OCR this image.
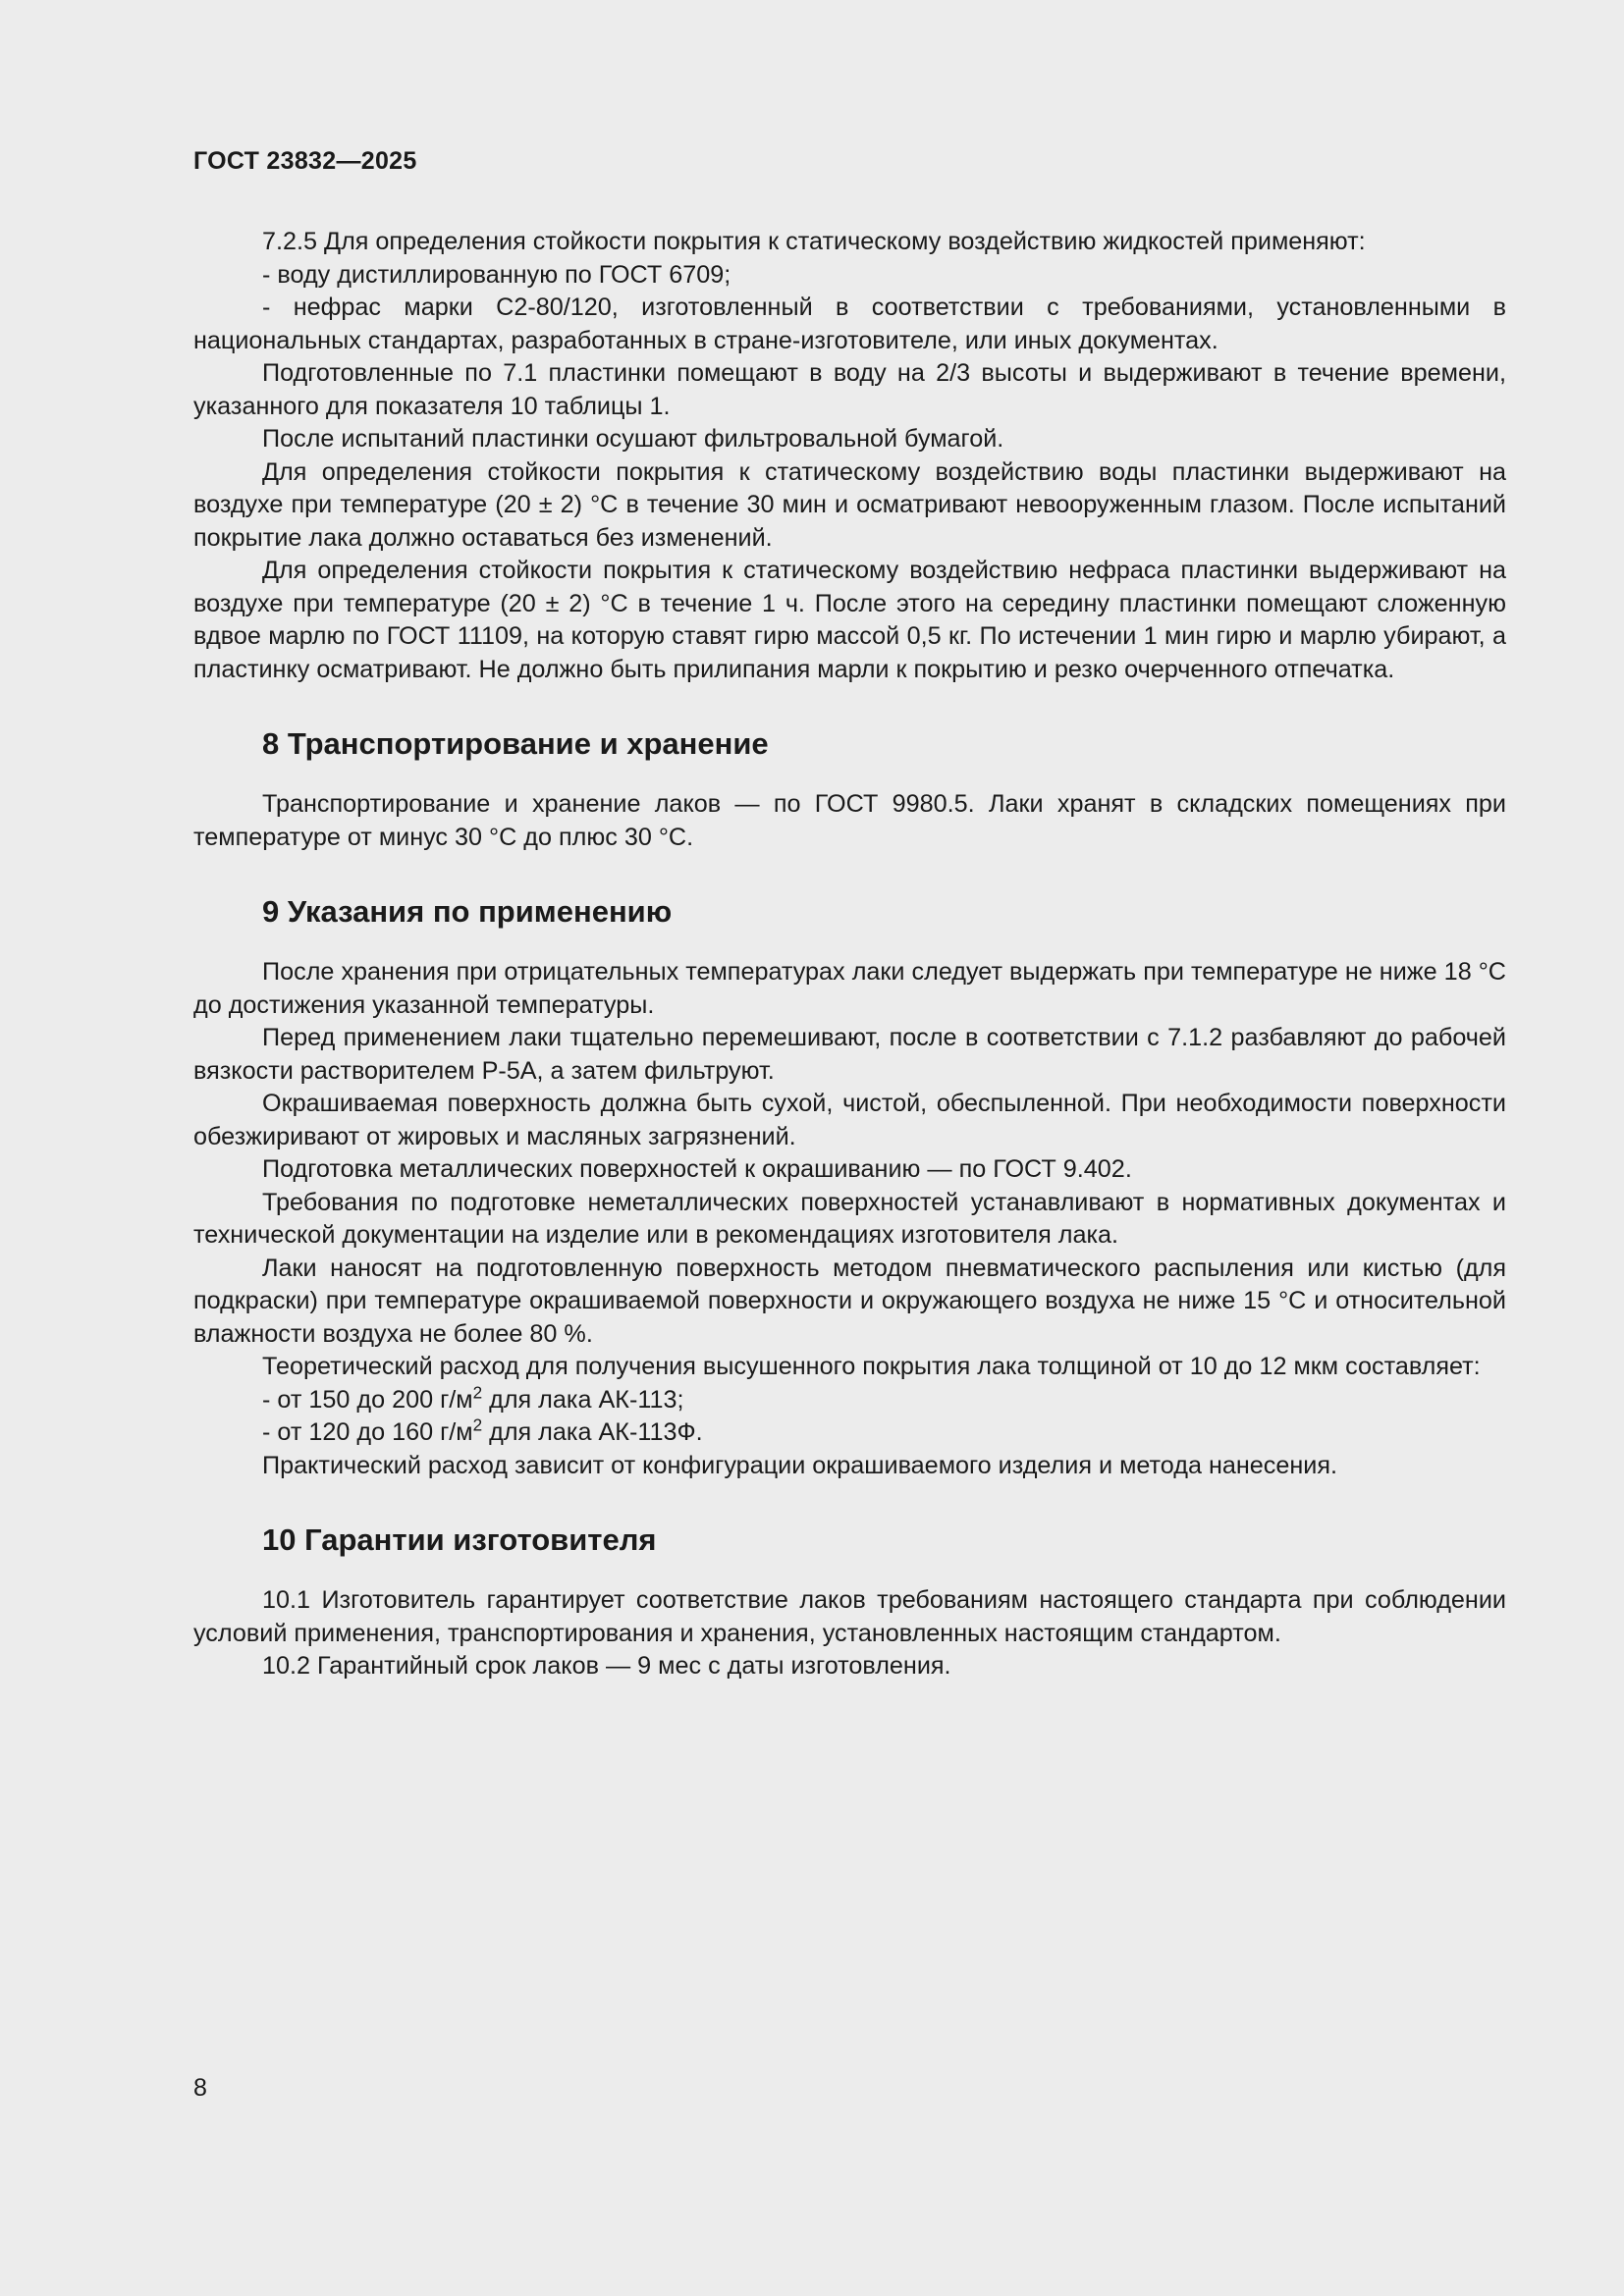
ГОСТ 23832—2025

7.2.5 Для определения стойкости покрытия к статическому воздействию жидкостей применяют:

- воду дистиллированную по ГОСТ 6709;

- нефрас марки С2-80/120, изготовленный в соответствии с требованиями, установленными в национальных стандартах, разработанных в стране-изготовителе, или иных документах.

Подготовленные по 7.1 пластинки помещают в воду на 2/3 высоты и выдерживают в течение времени, указанного для показателя 10 таблицы 1.

После испытаний пластинки осушают фильтровальной бумагой.

Для определения стойкости покрытия к статическому воздействию воды пластинки выдерживают на воздухе при температуре (20 ± 2) °С в течение 30 мин и осматривают невооруженным глазом. После испытаний покрытие лака должно оставаться без изменений.

Для определения стойкости покрытия к статическому воздействию нефраса пластинки выдерживают на воздухе при температуре (20 ± 2) °С в течение 1 ч. После этого на середину пластинки помещают сложенную вдвое марлю по ГОСТ 11109, на которую ставят гирю массой 0,5 кг. По истечении 1 мин гирю и марлю убирают, а пластинку осматривают. Не должно быть прилипания марли к покрытию и резко очерченного отпечатка.

8 Транспортирование и хранение

Транспортирование и хранение лаков — по ГОСТ 9980.5. Лаки хранят в складских помещениях при температуре от минус 30 °С до плюс 30 °С.

9 Указания по применению

После хранения при отрицательных температурах лаки следует выдержать при температуре не ниже 18 °С до достижения указанной температуры.

Перед применением лаки тщательно перемешивают, после в соответствии с 7.1.2 разбавляют до рабочей вязкости растворителем Р-5А, а затем фильтруют.

Окрашиваемая поверхность должна быть сухой, чистой, обеспыленной. При необходимости поверхности обезжиривают от жировых и масляных загрязнений.

Подготовка металлических поверхностей к окрашиванию — по ГОСТ 9.402.

Требования по подготовке неметаллических поверхностей устанавливают в нормативных документах и технической документации на изделие или в рекомендациях изготовителя лака.

Лаки наносят на подготовленную поверхность методом пневматического распыления или кистью (для подкраски) при температуре окрашиваемой поверхности и окружающего воздуха не ниже 15 °С и относительной влажности воздуха не более 80 %.

Теоретический расход для получения высушенного покрытия лака толщиной от 10 до 12 мкм составляет:

- от 150 до 200 $г/м^2$ для лака АК-113;

- от 120 до 160 $г/м^2$ для лака АК-113Ф.

Практический расход зависит от конфигурации окрашиваемого изделия и метода нанесения.

10 Гарантии изготовителя

10.1 Изготовитель гарантирует соответствие лаков требованиям настоящего стандарта при соблюдении условий применения, транспортирования и хранения, установленных настоящим стандартом.

10.2 Гарантийный срок лаков — 9 мес с даты изготовления.

8
